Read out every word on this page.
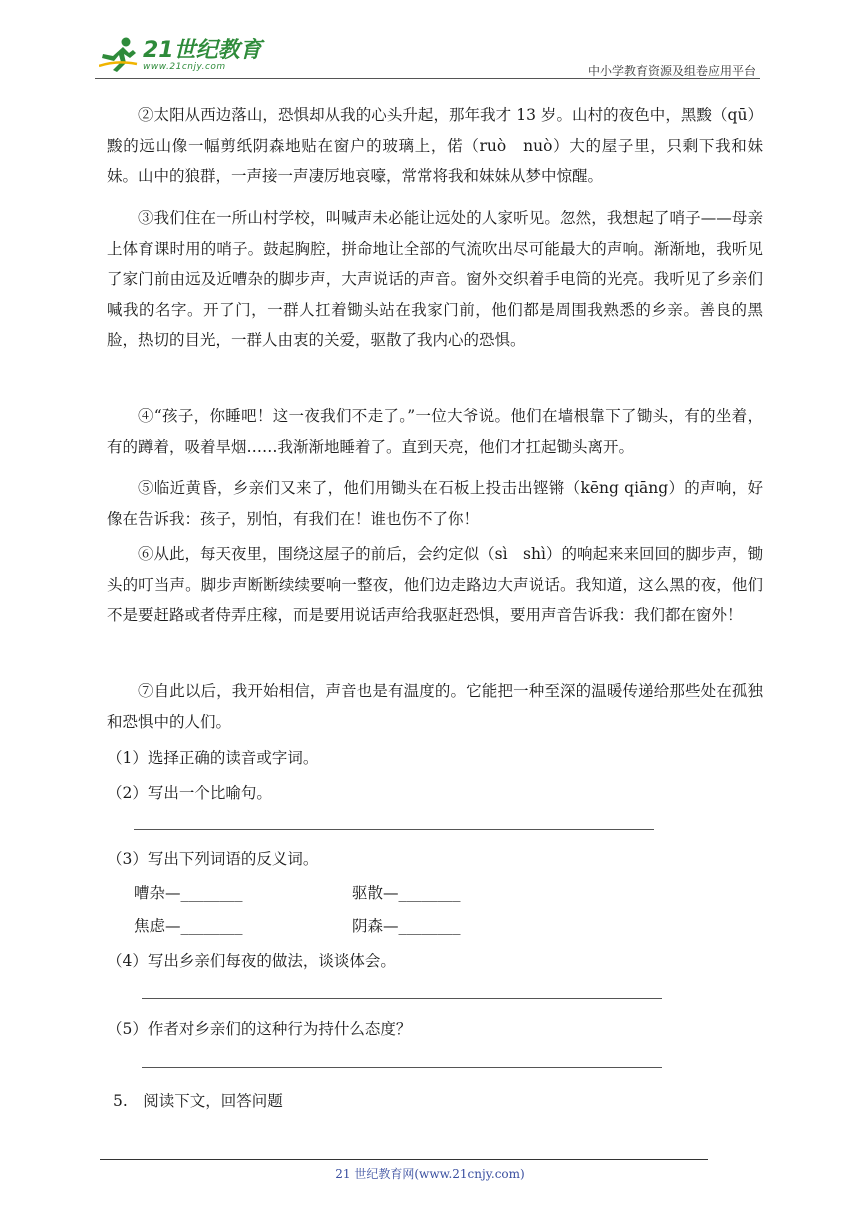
21世纪教育
www.21cnjy.com	中小学教育资源及组卷应用平台
②太阳从西边落山，恐惧却从我的心头升起，那年我才 13 岁。山村的夜色中，黑黢（qū）黢的远山像一幅剪纸阴森地贴在窗户的玻璃上，偌（ruò　nuò）大的屋子里，只剩下我和妹妹。山中的狼群，一声接一声凄厉地哀嚎，常常将我和妹妹从梦中惊醒。
③我们住在一所山村学校，叫喊声未必能让远处的人家听见。忽然，我想起了哨子——母亲上体育课时用的哨子。鼓起胸腔，拼命地让全部的气流吹出尽可能最大的声响。渐渐地，我听见了家门前由远及近嘈杂的脚步声，大声说话的声音。窗外交织着手电筒的光亮。我听见了乡亲们喊我的名字。开了门，一群人扛着锄头站在我家门前，他们都是周围我熟悉的乡亲。善良的黑脸，热切的目光，一群人由衷的关爱，驱散了我内心的恐惧。
④“孩子，你睡吧！这一夜我们不走了。”一位大爷说。他们在墙根靠下了锄头，有的坐着，有的蹲着，吸着旱烟……我渐渐地睡着了。直到天亮，他们才扛起锄头离开。
⑤临近黄昏，乡亲们又来了，他们用锄头在石板上投击出铿锵（kēng qiāng）的声响，好像在告诉我：孩子，别怕，有我们在！谁也伤不了你！
⑥从此，每天夜里，围绕这屋子的前后，会约定似（sì　shì）的响起来来回回的脚步声，锄头的叮当声。脚步声断断续续要响一整夜，他们边走路边大声说话。我知道，这么黑的夜，他们不是要赶路或者侍弄庄稼，而是要用说话声给我驱赶恐惧，要用声音告诉我：我们都在窗外！
⑦自此以后，我开始相信，声音也是有温度的。它能把一种至深的温暖传递给那些处在孤独和恐惧中的人们。
（1）选择正确的读音或字词。
（2）写出一个比喻句。
（3）写出下列词语的反义词。
嘈杂—________	驱散—________
焦虑—________	阴森—________
（4）写出乡亲们每夜的做法，谈谈体会。
（5）作者对乡亲们的这种行为持什么态度？
5.　阅读下文，回答问题
21 世纪教育网(www.21cnjy.com)
